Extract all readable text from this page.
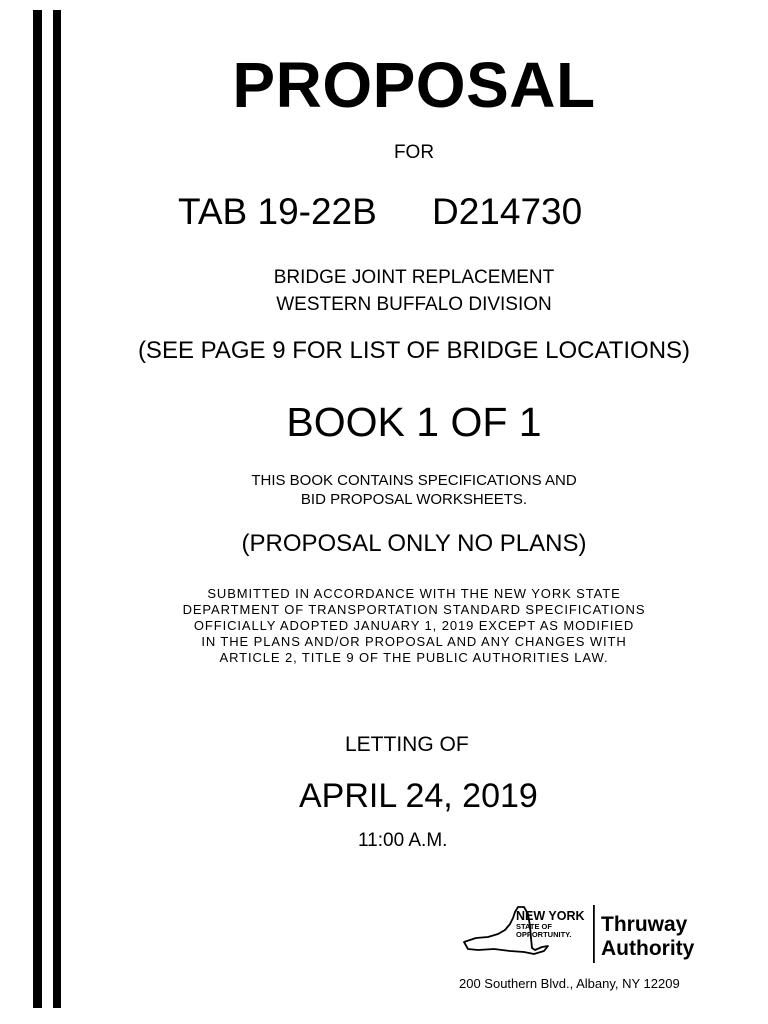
PROPOSAL
FOR
TAB 19-22B D214730
BRIDGE JOINT REPLACEMENT
WESTERN BUFFALO DIVISION
(SEE PAGE 9 FOR LIST OF BRIDGE LOCATIONS)
BOOK 1 OF 1
THIS BOOK CONTAINS SPECIFICATIONS AND
BID PROPOSAL WORKSHEETS.
(PROPOSAL ONLY NO PLANS)
SUBMITTED IN ACCORDANCE WITH THE NEW YORK STATE
DEPARTMENT OF TRANSPORTATION STANDARD SPECIFICATIONS
OFFICIALLY ADOPTED JANUARY 1, 2019 EXCEPT AS MODIFIED
IN THE PLANS AND/OR PROPOSAL AND ANY CHANGES WITH
ARTICLE 2, TITLE 9 OF THE PUBLIC AUTHORITIES LAW.
LETTING OF
APRIL 24, 2019
11:00 A.M.
NEW YORK
STATE OF
OPPORTUNITY. Thruway
Authority
200 Southern Blvd., Albany, NY 12209
